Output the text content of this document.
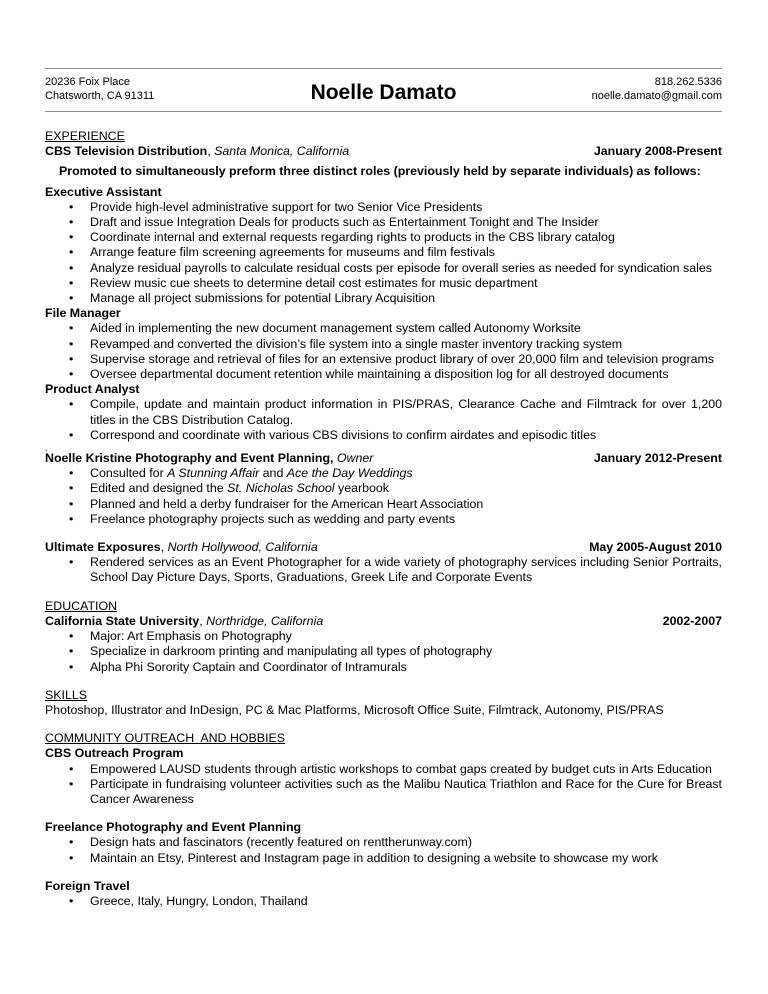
20236 Foix Place
Chatsworth, CA 91311	Noelle Damato	818.262.5336
noelle.damato@gmail.com
EXPERIENCE
CBS Television Distribution, Santa Monica, California	January 2008-Present
Promoted to simultaneously preform three distinct roles (previously held by separate individuals) as follows:
Executive Assistant
• Provide high-level administrative support for two Senior Vice Presidents
• Draft and issue Integration Deals for products such as Entertainment Tonight and The Insider
• Coordinate internal and external requests regarding rights to products in the CBS library catalog
• Arrange feature film screening agreements for museums and film festivals
• Analyze residual payrolls to calculate residual costs per episode for overall series as needed for syndication sales
• Review music cue sheets to determine detail cost estimates for music department
• Manage all project submissions for potential Library Acquisition
File Manager
• Aided in implementing the new document management system called Autonomy Worksite
• Revamped and converted the division’s file system into a single master inventory tracking system
• Supervise storage and retrieval of files for an extensive product library of over 20,000 film and television programs
• Oversee departmental document retention while maintaining a disposition log for all destroyed documents
Product Analyst
• Compile, update and maintain product information in PIS/PRAS, Clearance Cache and Filmtrack for over 1,200 titles in the CBS Distribution Catalog.
• Correspond and coordinate with various CBS divisions to confirm airdates and episodic titles
.
Noelle Kristine Photography and Event Planning, Owner	January 2012-Present
• Consulted for A Stunning Affair and Ace the Day Weddings
• Edited and designed the St. Nicholas School yearbook
• Planned and held a derby fundraiser for the American Heart Association
• Freelance photography projects such as wedding and party events
Ultimate Exposures, North Hollywood, California	May 2005-August 2010
• Rendered services as an Event Photographer for a wide variety of photography services including Senior Portraits, School Day Picture Days, Sports, Graduations, Greek Life and Corporate Events
EDUCATION
California State University, Northridge, California	2002-2007
• Major: Art Emphasis on Photography
• Specialize in darkroom printing and manipulating all types of photography
• Alpha Phi Sorority Captain and Coordinator of Intramurals
SKILLS
Photoshop, Illustrator and InDesign, PC & Mac Platforms, Microsoft Office Suite, Filmtrack, Autonomy, PIS/PRAS
COMMUNITY OUTREACH  AND HOBBIES
CBS Outreach Program
• Empowered LAUSD students through artistic workshops to combat gaps created by budget cuts in Arts Education
• Participate in fundraising volunteer activities such as the Malibu Nautica Triathlon and Race for the Cure for Breast Cancer Awareness
Freelance Photography and Event Planning
• Design hats and fascinators (recently featured on renttherunway.com)
• Maintain an Etsy, Pinterest and Instagram page in addition to designing a website to showcase my work
Foreign Travel
• Greece, Italy, Hungry, London, Thailand
